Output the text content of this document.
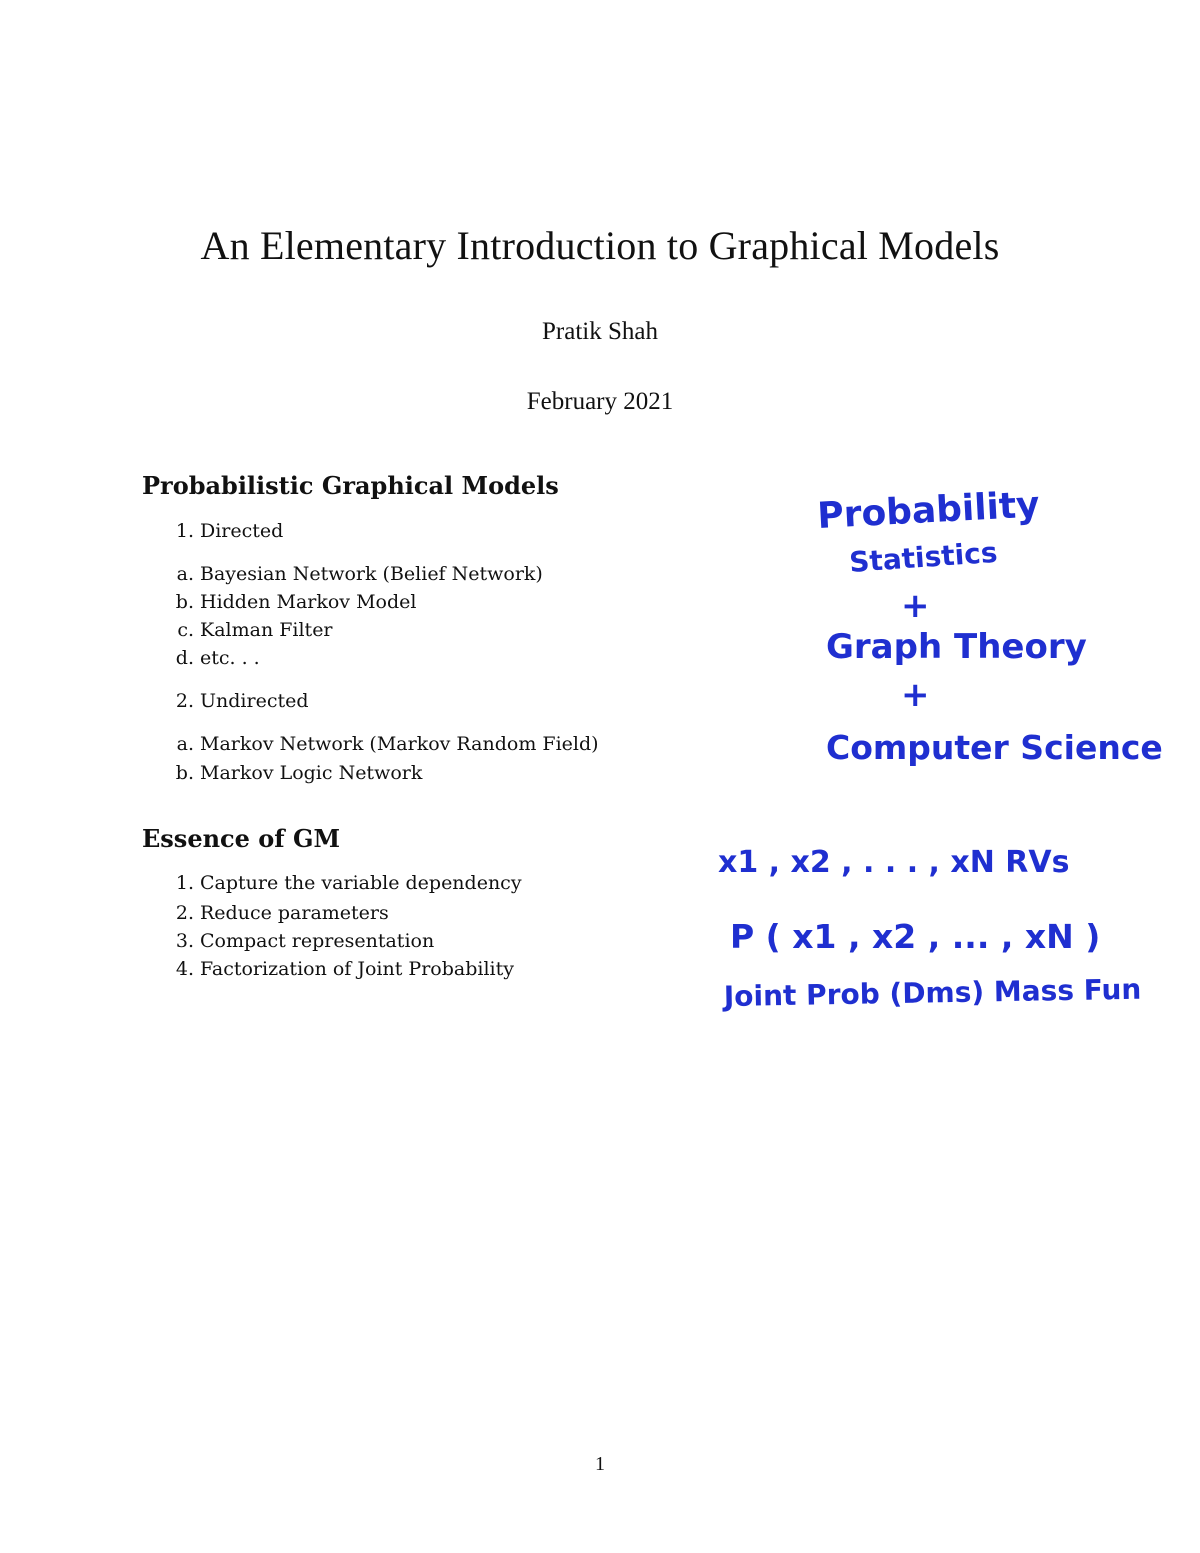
An Elementary Introduction to Graphical Models
Pratik Shah
February 2021
Probabilistic Graphical Models
1. Directed
a. Bayesian Network (Belief Network)
b. Hidden Markov Model
c. Kalman Filter
d. etc. . .
2. Undirected
a. Markov Network (Markov Random Field)
b. Markov Logic Network
Essence of GM
1. Capture the variable dependency
2. Reduce parameters
3. Compact representation
4. Factorization of Joint Probability
Probability
Statistics
+
Graph Theory
+
Computer Science
x1 , x2 , . . . , xN RVs
P ( x1 , x2 , ... , xN )
Joint Prob (Dms) Mass Fun
1
